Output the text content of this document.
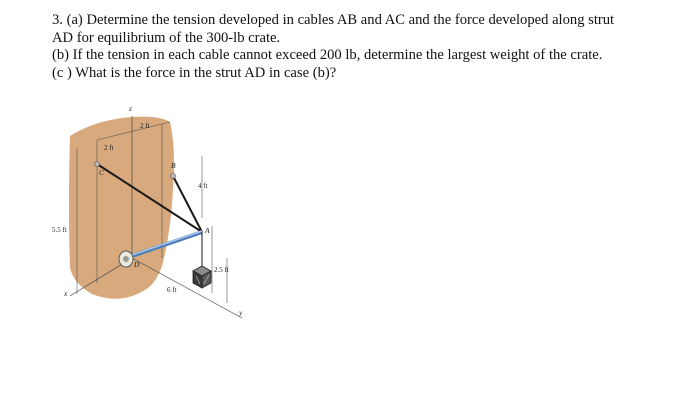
3. (a) Determine the tension developed in cables AB and AC and the force developed along strut

AD for equilibrium of the 300-lb crate.

(b) If the tension in each cable cannot exceed 200 lb, determine the largest weight of the crate.

(c ) What is the force in the strut AD in case (b)?

z
x
y
C
B
A
D
2 ft
2 ft
4 ft
5.5 ft
2.5 ft
6 ft
